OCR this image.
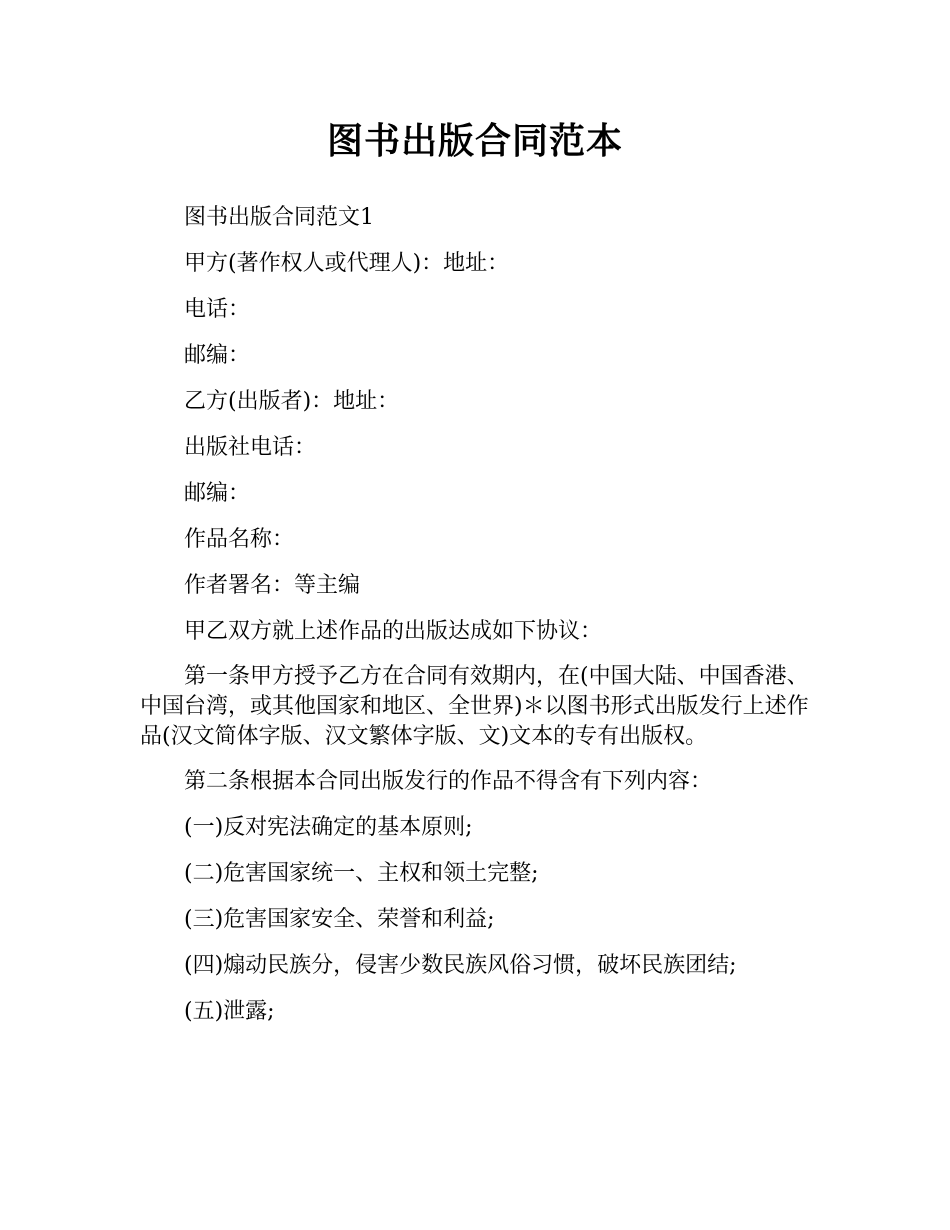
图书出版合同范本

图书出版合同范文1

甲方(著作权人或代理人)：地址：

电话：

邮编：

乙方(出版者)：地址：

出版社电话：

邮编：

作品名称：

作者署名：等主编

甲乙双方就上述作品的出版达成如下协议：

第一条甲方授予乙方在合同有效期内，在(中国大陆、中国香港、中国台湾，或其他国家和地区、全世界)＊以图书形式出版发行上述作品(汉文简体字版、汉文繁体字版、文)文本的专有出版权。

第二条根据本合同出版发行的作品不得含有下列内容：

(一)反对宪法确定的基本原则;

(二)危害国家统一、主权和领土完整;

(三)危害国家安全、荣誉和利益;

(四)煽动民族分，侵害少数民族风俗习惯，破坏民族团结;

(五)泄露;
